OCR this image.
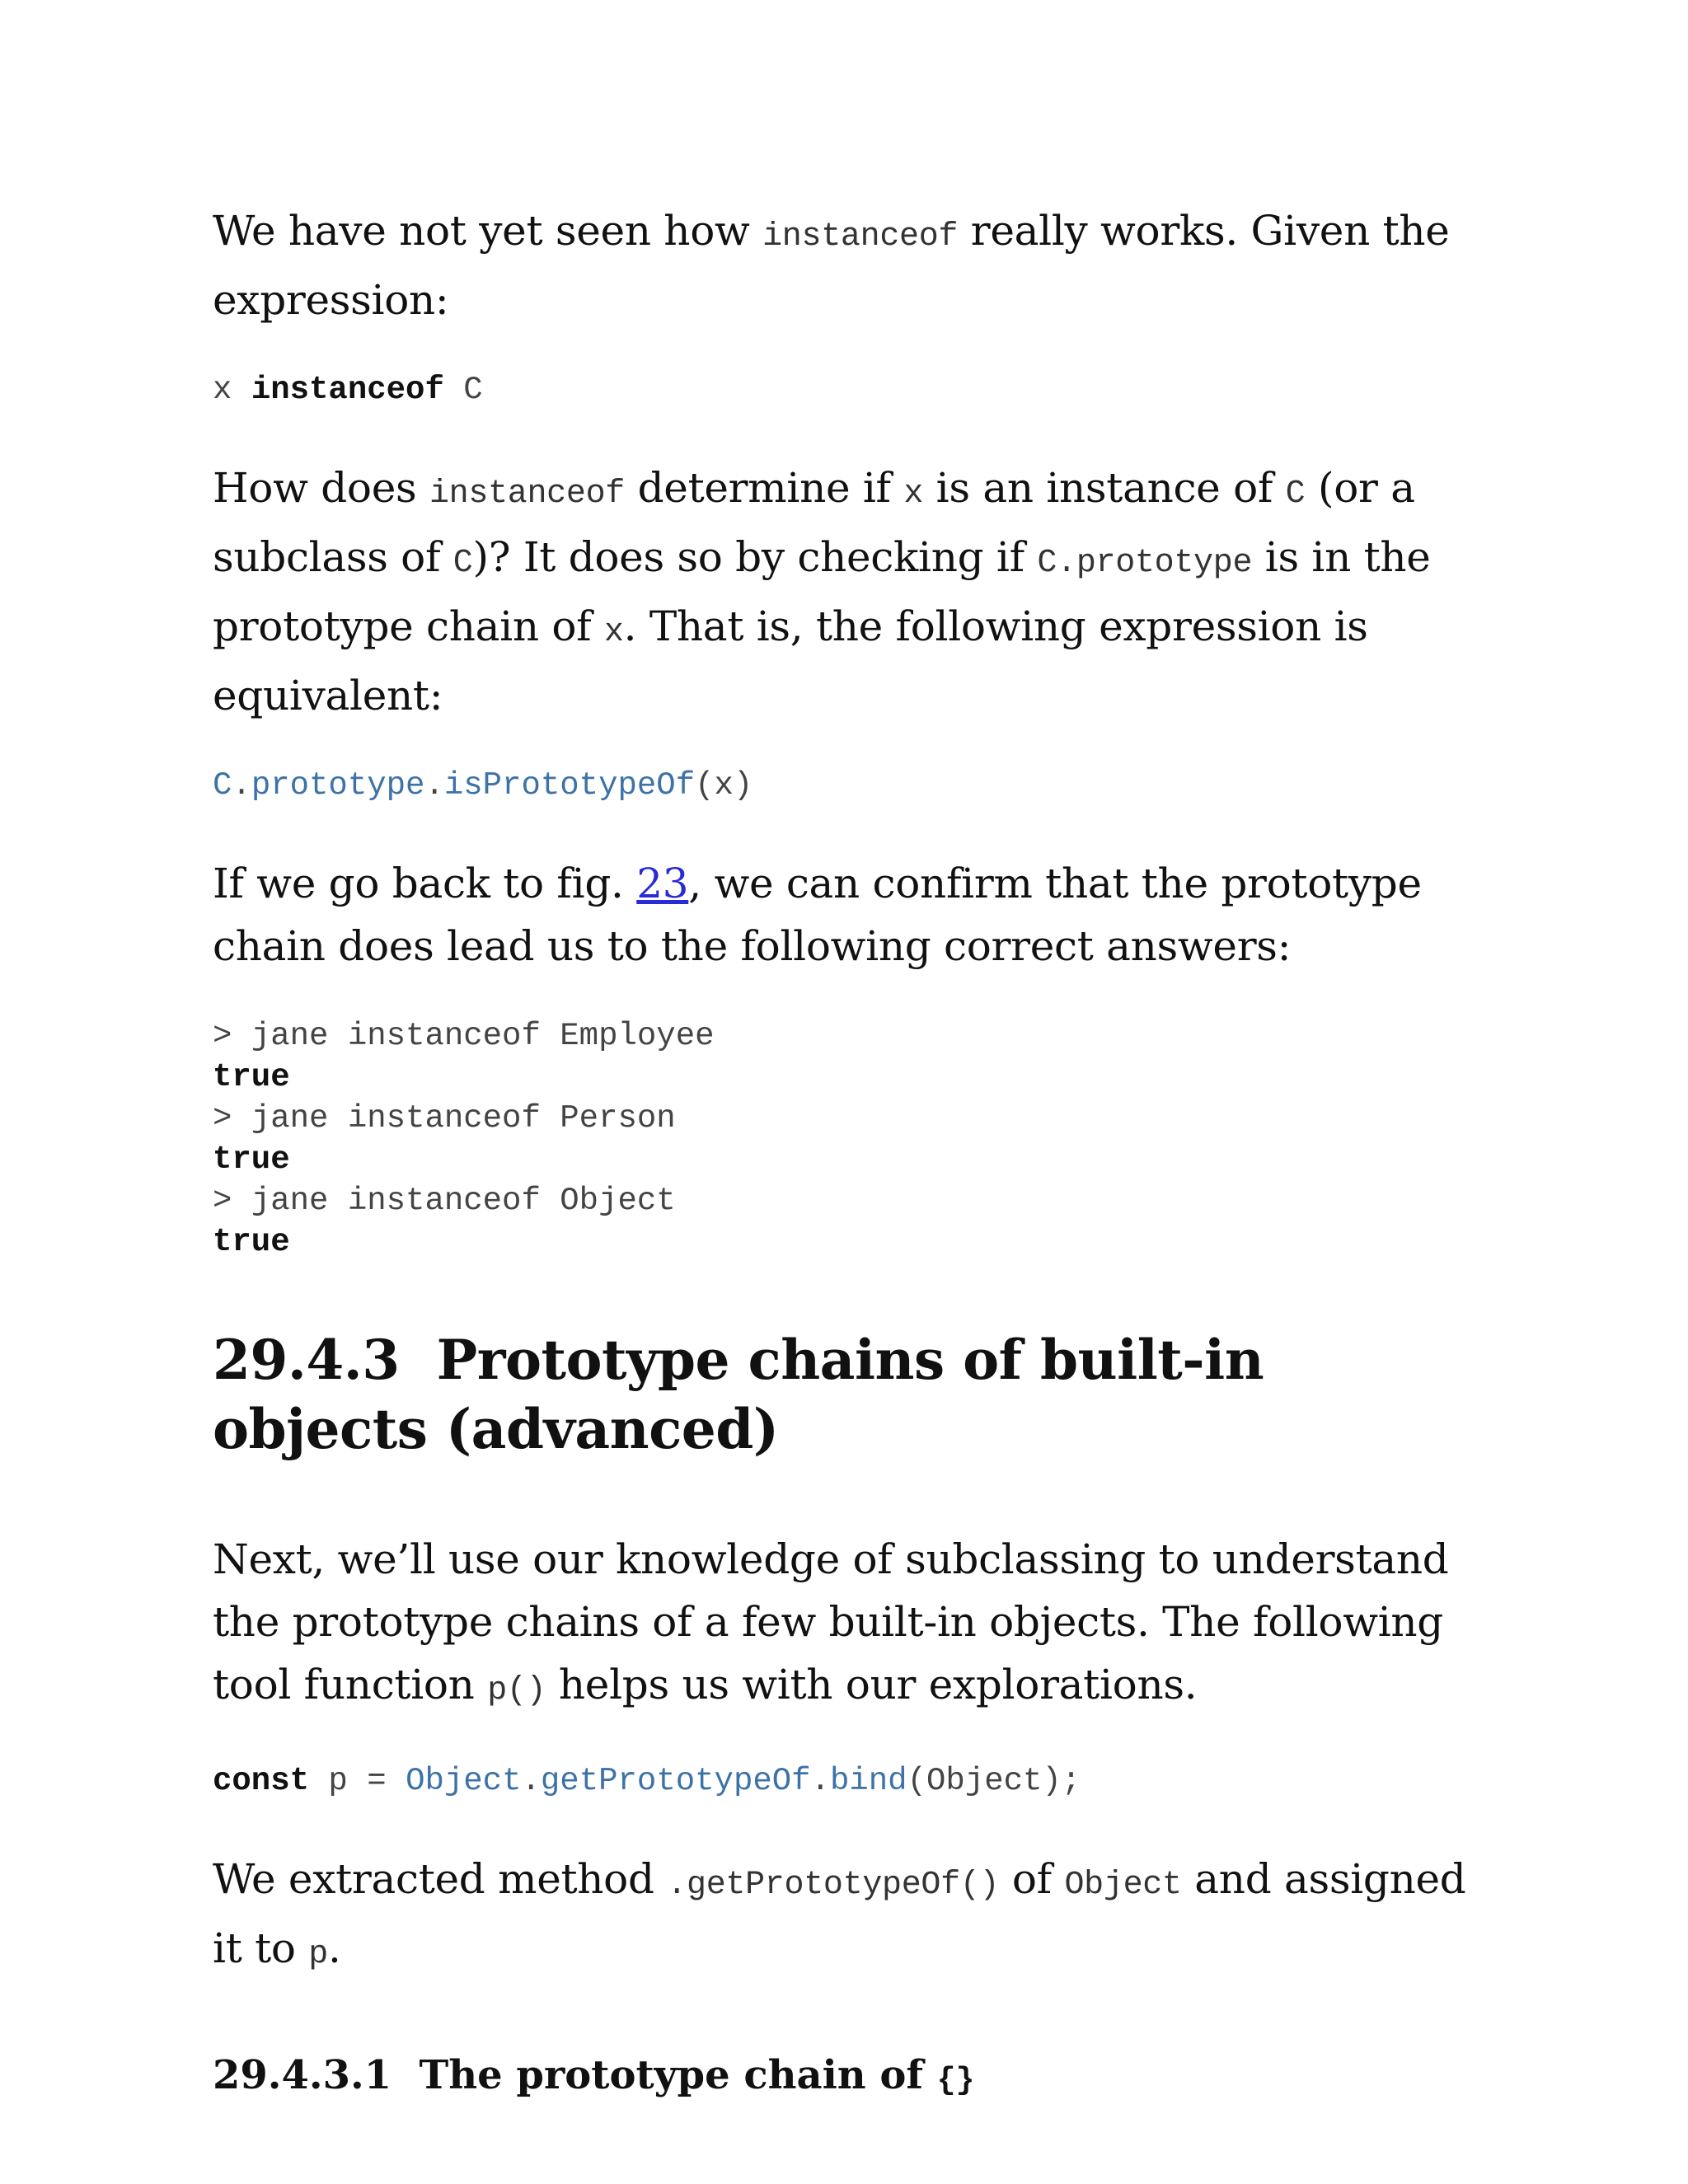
We have not yet seen how instanceof really works. Given the expression:

x instanceof C

How does instanceof determine if x is an instance of C (or a subclass of C)? It does so by checking if C.prototype is in the prototype chain of x. That is, the following expression is equivalent:

C.prototype.isPrototypeOf(x)

If we go back to fig. 23, we can confirm that the prototype chain does lead us to the following correct answers:

> jane instanceof Employee
true
> jane instanceof Person
true
> jane instanceof Object
true
29.4.3 Prototype chains of built-in objects (advanced)

Next, we’ll use our knowledge of subclassing to understand the prototype chains of a few built-in objects. The following tool function p() helps us with our explorations.

const p = Object.getPrototypeOf.bind(Object);

We extracted method .getPrototypeOf() of Object and assigned it to p.

29.4.3.1 The prototype chain of {}
